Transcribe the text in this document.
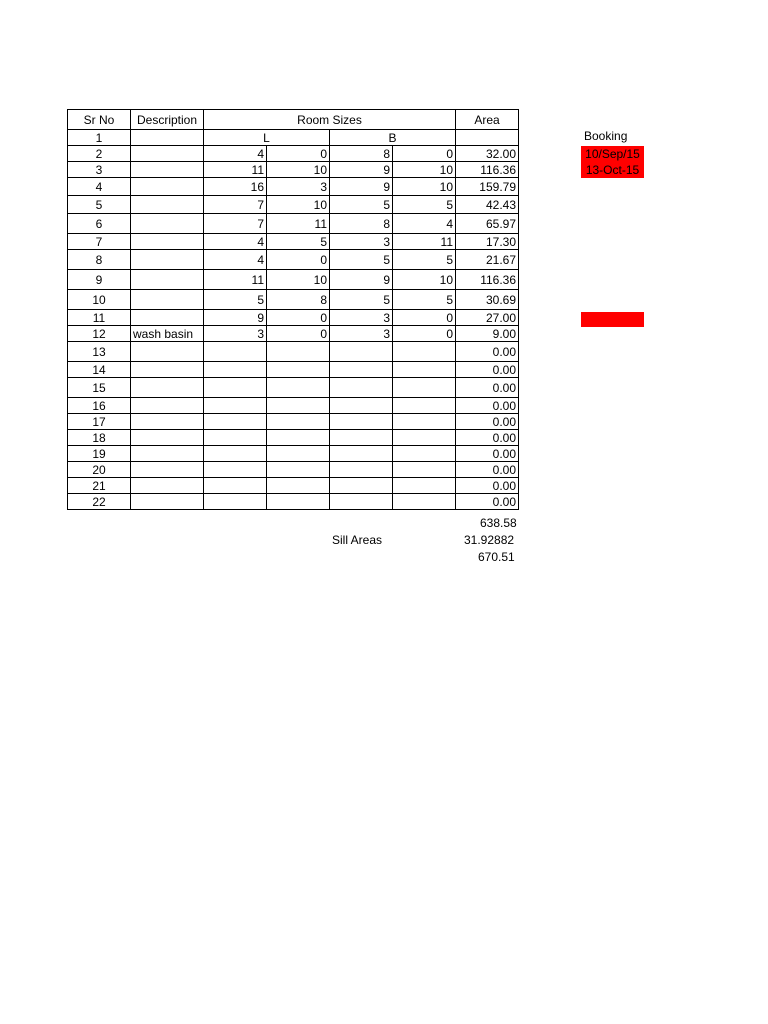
Sr No	Description	Room Sizes				Area
1		L		B		
2		4	0	8	0	32.00
3		11	10	9	10	116.36
4		16	3	9	10	159.79
5		7	10	5	5	42.43
6		7	11	8	4	65.97
7		4	5	3	11	17.30
8		4	0	5	5	21.67
9		11	10	9	10	116.36
10		5	8	5	5	30.69
11		9	0	3	0	27.00
12	wash basin	3	0	3	0	9.00
13						0.00
14						0.00
15						0.00
16						0.00
17						0.00
18						0.00
19						0.00
20						0.00
21						0.00
22						0.00
638.58
Sill Areas	31.92882
670.51
Booking
10/Sep/15
13-Oct-15
